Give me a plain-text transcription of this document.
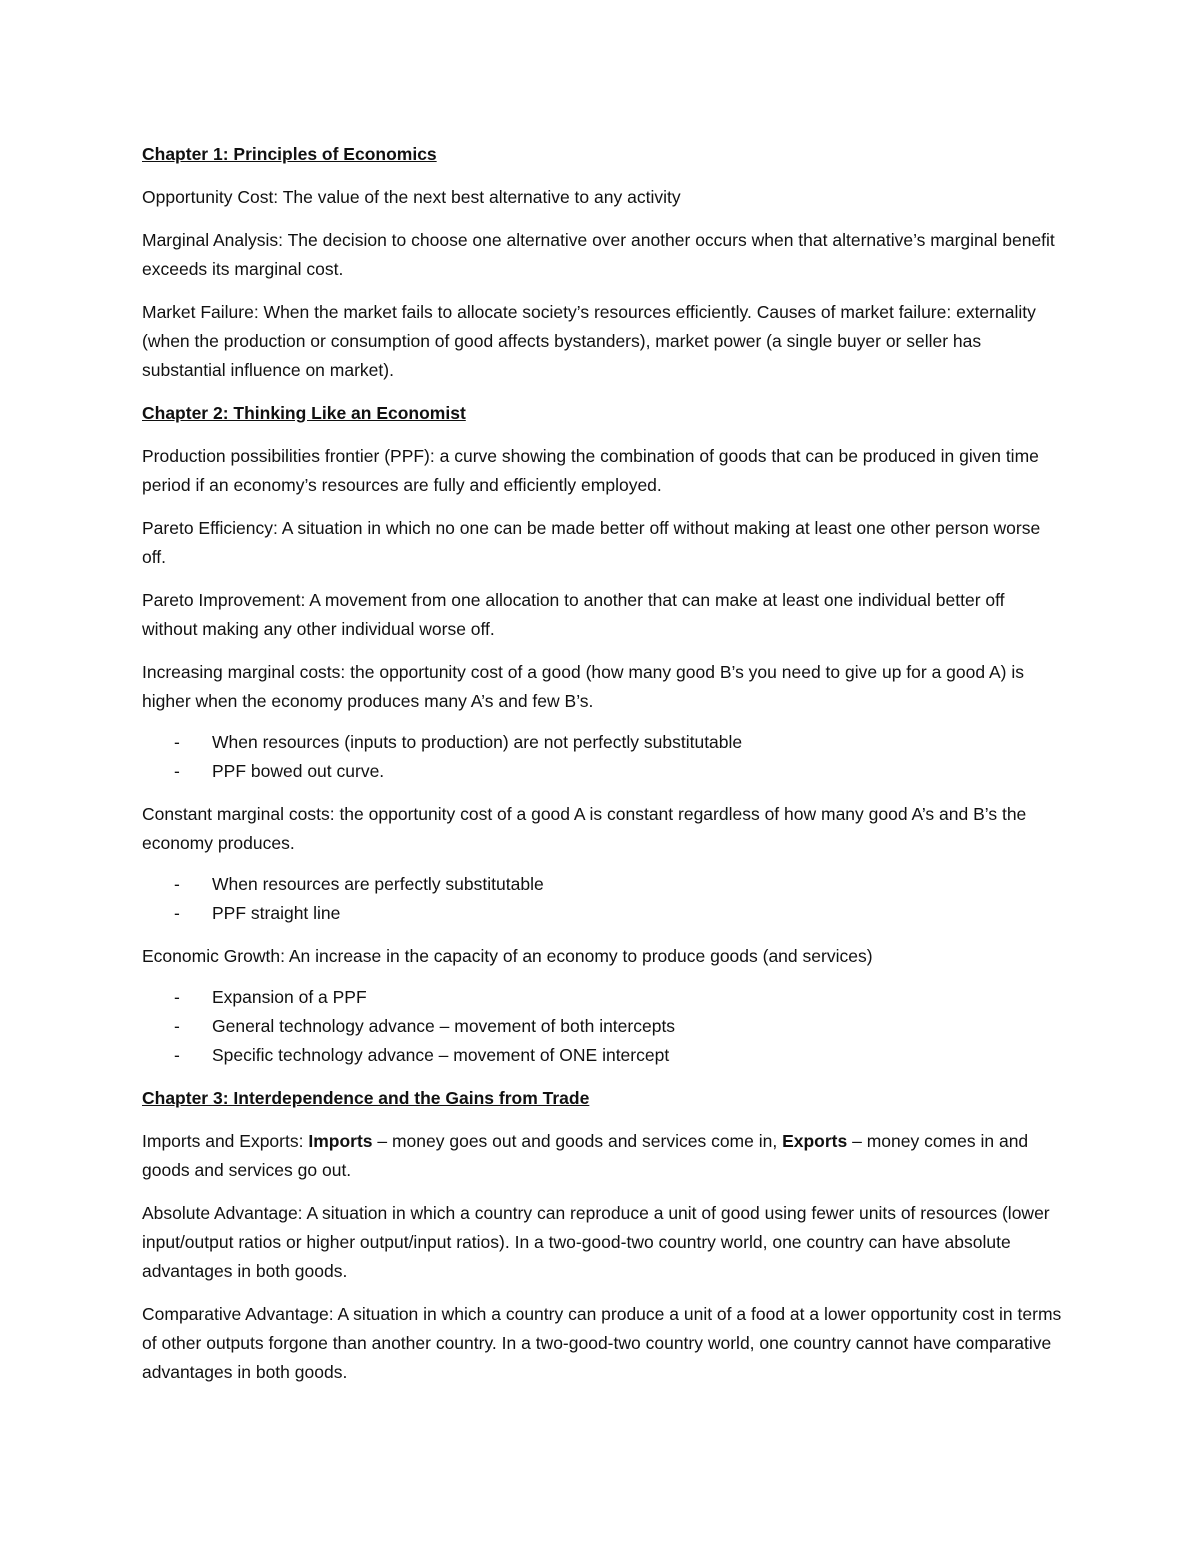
Chapter 1: Principles of Economics
Opportunity Cost: The value of the next best alternative to any activity
Marginal Analysis: The decision to choose one alternative over another occurs when that alternative’s marginal benefit exceeds its marginal cost.
Market Failure: When the market fails to allocate society’s resources efficiently. Causes of market failure: externality (when the production or consumption of good affects bystanders), market power (a single buyer or seller has substantial influence on market).
Chapter 2: Thinking Like an Economist
Production possibilities frontier (PPF): a curve showing the combination of goods that can be produced in given time period if an economy’s resources are fully and efficiently employed.
Pareto Efficiency: A situation in which no one can be made better off without making at least one other person worse off.
Pareto Improvement: A movement from one allocation to another that can make at least one individual better off without making any other individual worse off.
Increasing marginal costs: the opportunity cost of a good (how many good B’s you need to give up for a good A) is higher when the economy produces many A’s and few B’s.
- When resources (inputs to production) are not perfectly substitutable
- PPF bowed out curve.
Constant marginal costs: the opportunity cost of a good A is constant regardless of how many good A’s and B’s the economy produces.
- When resources are perfectly substitutable
- PPF straight line
Economic Growth: An increase in the capacity of an economy to produce goods (and services)
- Expansion of a PPF
- General technology advance – movement of both intercepts
- Specific technology advance – movement of ONE intercept
Chapter 3: Interdependence and the Gains from Trade
Imports and Exports: Imports – money goes out and goods and services come in, Exports – money comes in and goods and services go out.
Absolute Advantage: A situation in which a country can reproduce a unit of good using fewer units of resources (lower input/output ratios or higher output/input ratios). In a two-good-two country world, one country can have absolute advantages in both goods.
Comparative Advantage: A situation in which a country can produce a unit of a food at a lower opportunity cost in terms of other outputs forgone than another country. In a two-good-two country world, one country cannot have comparative advantages in both goods.
